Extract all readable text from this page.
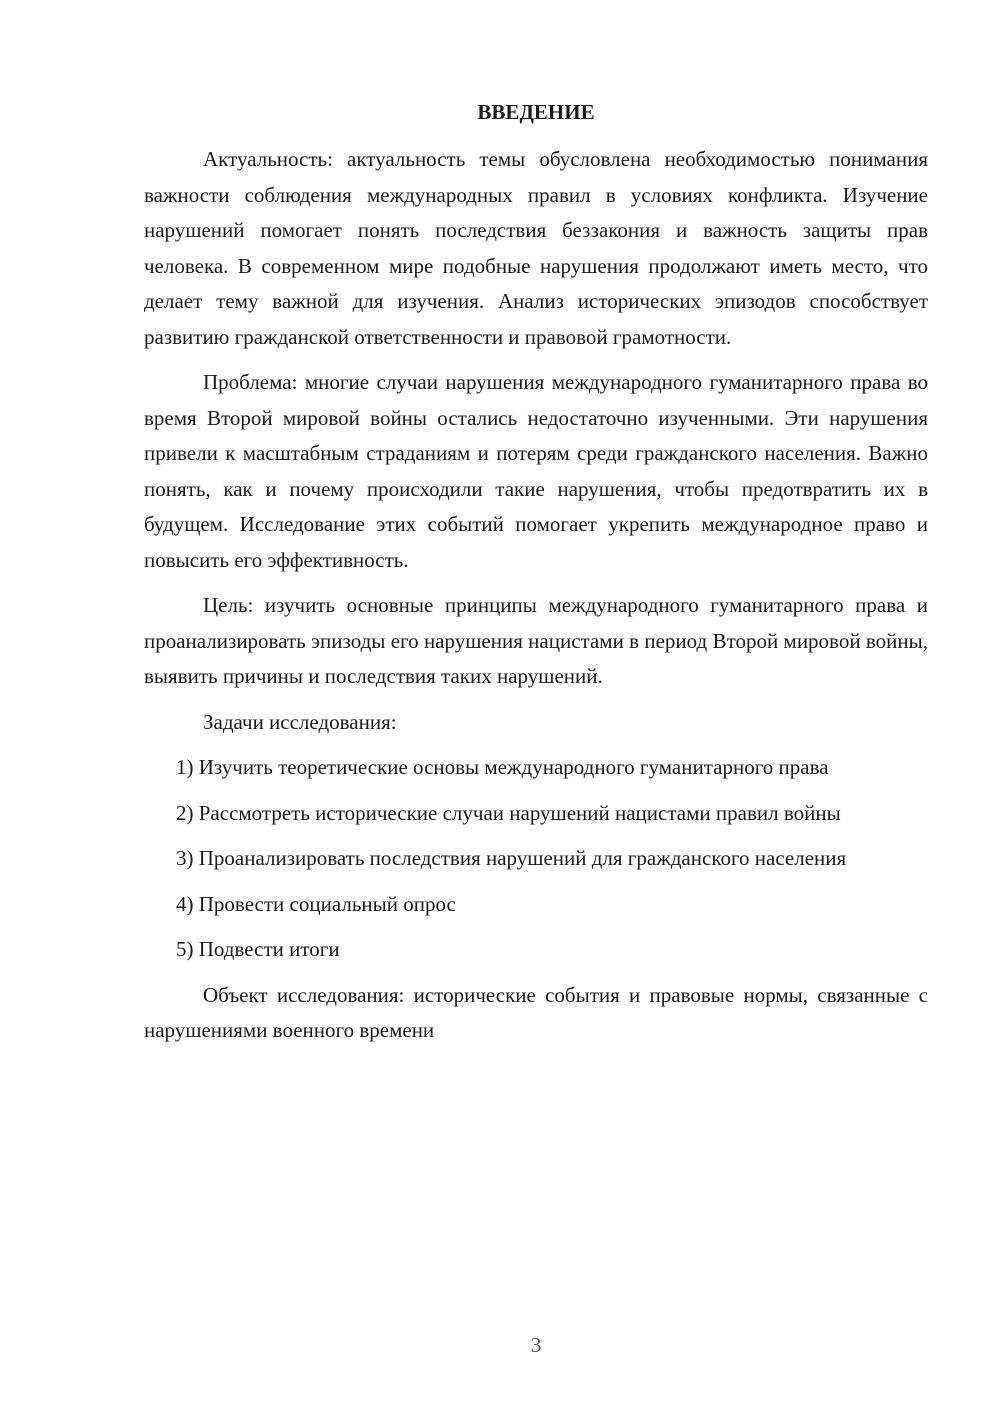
ВВЕДЕНИЕ

Актуальность: актуальность темы обусловлена необходимостью понимания важности соблюдения международных правил в условиях конфликта. Изучение нарушений помогает понять последствия беззакония и важность защиты прав человека. В современном мире подобные нарушения продолжают иметь место, что делает тему важной для изучения. Анализ исторических эпизодов способствует развитию гражданской ответственности и правовой грамотности.

Проблема: многие случаи нарушения международного гуманитарного права во время Второй мировой войны остались недостаточно изученными. Эти нарушения привели к масштабным страданиям и потерям среди гражданского населения. Важно понять, как и почему происходили такие нарушения, чтобы предотвратить их в будущем. Исследование этих событий помогает укрепить международное право и повысить его эффективность.

Цель: изучить основные принципы международного гуманитарного права и проанализировать эпизоды его нарушения нацистами в период Второй мировой войны, выявить причины и последствия таких нарушений.

Задачи исследования:

1) Изучить теоретические основы международного гуманитарного права

2) Рассмотреть исторические случаи нарушений нацистами правил войны

3) Проанализировать последствия нарушений для гражданского населения

4) Провести социальный опрос

5) Подвести итоги

Объект исследования: исторические события и правовые нормы, связанные с нарушениями военного времени

3
